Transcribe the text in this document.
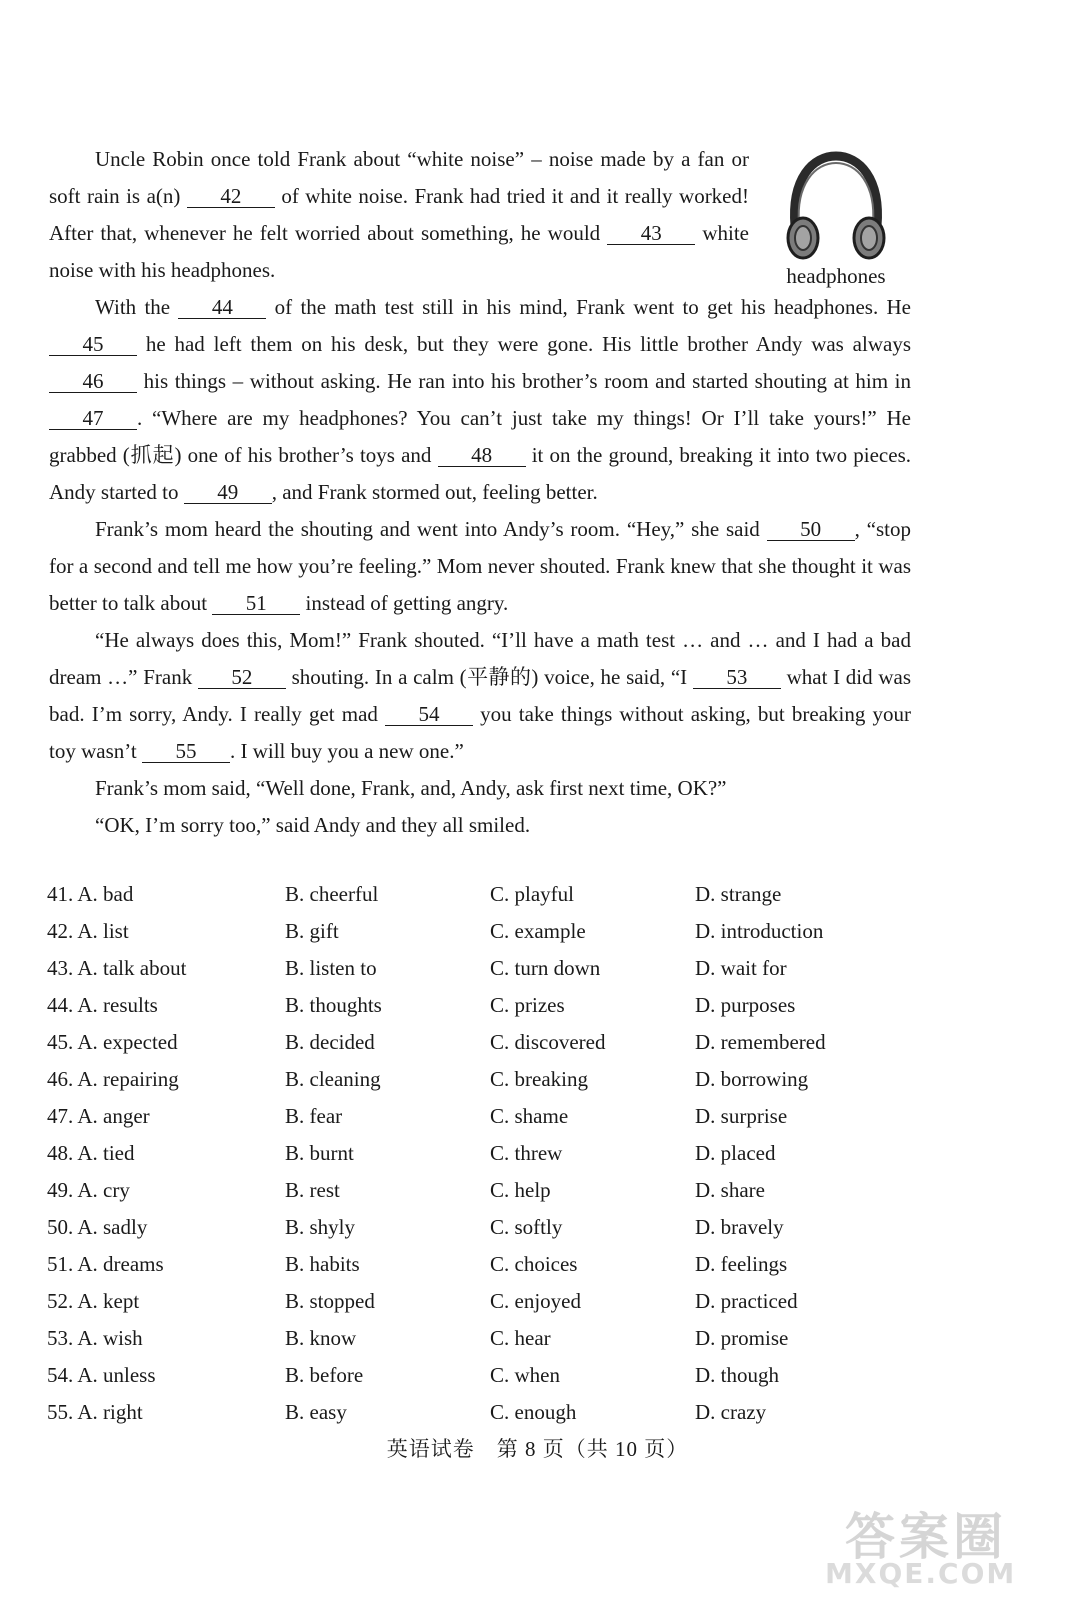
Uncle Robin once told Frank about “white noise” – noise made by a fan or soft rain is a(n) 42 of white noise. Frank had tried it and it really worked! After that, whenever he felt worried about something, he would 43 white noise with his headphones.

With the 44 of the math test still in his mind, Frank went to get his headphones. He 45 he had left them on his desk, but they were gone. His little brother Andy was always 46 his things – without asking. He ran into his brother’s room and started shouting at him in 47 . “Where are my headphones? You can’t just take my things! Or I’ll take yours!” He grabbed (抓起) one of his brother’s toys and 48 it on the ground, breaking it into two pieces. Andy started to 49 , and Frank stormed out, feeling better.

Frank’s mom heard the shouting and went into Andy’s room. “Hey,” she said 50 , “stop for a second and tell me how you’re feeling.” Mom never shouted. Frank knew that she thought it was better to talk about 51 instead of getting angry.

“He always does this, Mom!” Frank shouted. “I’ll have a math test … and … and I had a bad dream …” Frank 52 shouting. In a calm (平静的) voice, he said, “I 53 what I did was bad. I’m sorry, Andy. I really get mad 54 you take things without asking, but breaking your toy wasn’t 55 . I will buy you a new one.”

Frank’s mom said, “Well done, Frank, and, Andy, ask first next time, OK?”

“OK, I’m sorry too,” said Andy and they all smiled.

headphones
41. A. bad	B. cheerful	C. playful	D. strange
42. A. list	B. gift	C. example	D. introduction
43. A. talk about	B. listen to	C. turn down	D. wait for
44. A. results	B. thoughts	C. prizes	D. purposes
45. A. expected	B. decided	C. discovered	D. remembered
46. A. repairing	B. cleaning	C. breaking	D. borrowing
47. A. anger	B. fear	C. shame	D. surprise
48. A. tied	B. burnt	C. threw	D. placed
49. A. cry	B. rest	C. help	D. share
50. A. sadly	B. shyly	C. softly	D. bravely
51. A. dreams	B. habits	C. choices	D. feelings
52. A. kept	B. stopped	C. enjoyed	D. practiced
53. A. wish	B. know	C. hear	D. promise
54. A. unless	B. before	C. when	D. though
55. A. right	B. easy	C. enough	D. crazy
英语试卷　第 8 页（共 10 页）
答案圈
MXQE.COM
